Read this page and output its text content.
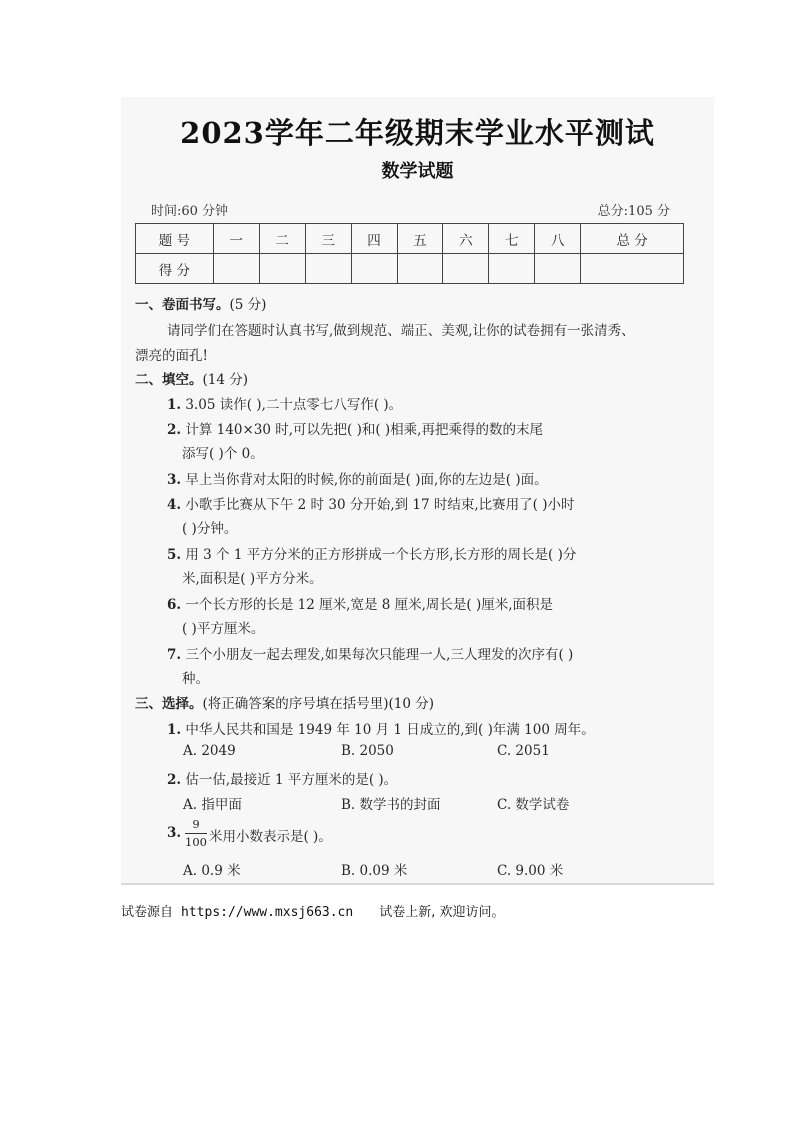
2023学年二年级期末学业水平测试
数学试题
时间:60 分钟	总分:105 分
题 号	一	二	三	四	五	六	七	八	总 分
得 分									
一、卷面书写。(5 分)
请同学们在答题时认真书写,做到规范、端正、美观,让你的试卷拥有一张清秀、
漂亮的面孔!
二、填空。(14 分)
1. 3.05 读作( ),二十点零七八写作( )。
2. 计算 140×30 时,可以先把( )和( )相乘,再把乘得的数的末尾
添写( )个 0。
3. 早上当你背对太阳的时候,你的前面是( )面,你的左边是( )面。
4. 小歌手比赛从下午 2 时 30 分开始,到 17 时结束,比赛用了( )小时
( )分钟。
5. 用 3 个 1 平方分米的正方形拼成一个长方形,长方形的周长是( )分
米,面积是( )平方分米。
6. 一个长方形的长是 12 厘米,宽是 8 厘米,周长是( )厘米,面积是
( )平方厘米。
7. 三个小朋友一起去理发,如果每次只能理一人,三人理发的次序有( )
种。
三、选择。(将正确答案的序号填在括号里)(10 分)
1. 中华人民共和国是 1949 年 10 月 1 日成立的,到( )年满 100 周年。
A. 2049	B. 2050	C. 2051
2. 估一估,最接近 1 平方厘米的是( )。
A. 指甲面	B. 数学书的封面	C. 数学试卷
3.
9
100 米用小数表示是( )。
A. 0.9 米	B. 0.09 米	C. 9.00 米
试卷源自 https://www.mxsj663.cn 试卷上新, 欢迎访问。
